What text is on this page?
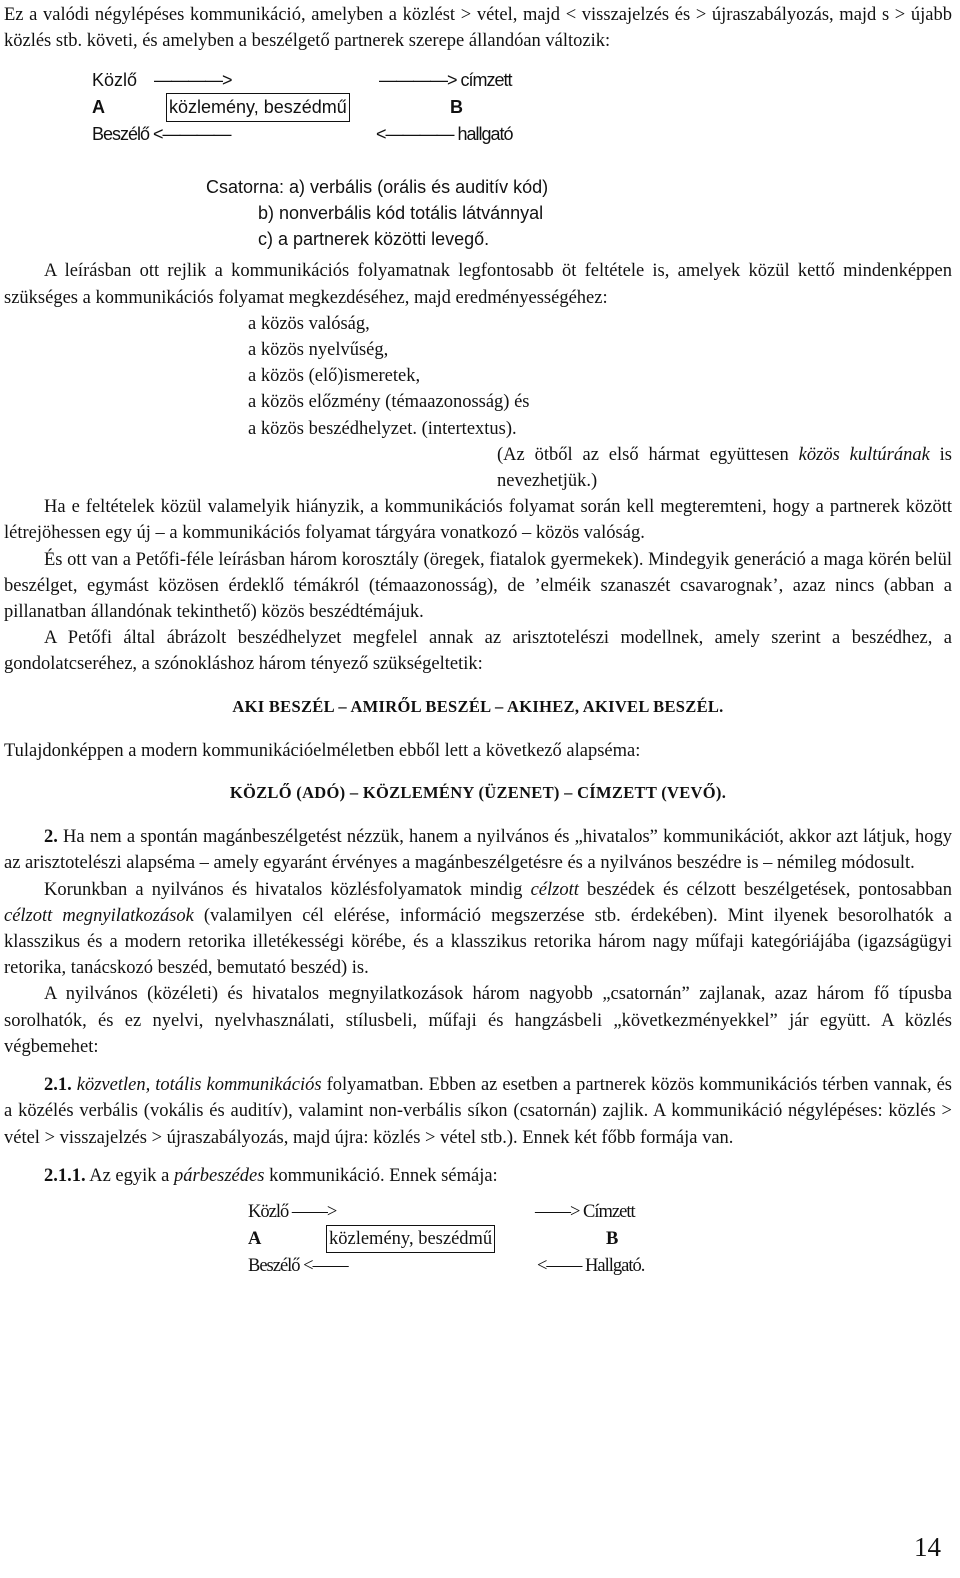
Ez a valódi négylépéses kommunikáció, amelyben a közlést > vétel, majd < visszajelzés és > újraszabályozás, majd s > újabb közlés stb. követi, és amelyben a beszélgető partnerek szerepe állandóan változik:

Közlő ————>	————> címzett
A	közlemény, beszédmű	B
Beszélő <————	<———— hallgató
Csatorna: a) verbális (orális és auditív kód)
b) nonverbális kód totális látvánnyal
c) a partnerek közötti levegő.

A leírásban ott rejlik a kommunikációs folyamatnak legfontosabb öt feltétele is, amelyek közül kettő mindenképpen szükséges a kommunikációs folyamat megkezdéséhez, majd eredményességéhez:

a közös valóság,
a közös nyelvűség,
a közös (elő)ismeretek,
a közös előzmény (témaazonosság) és
a közös beszédhelyzet. (intertextus).

(Az ötből az első hármat együttesen közös kultúrának is nevezhetjük.)

Ha e feltételek közül valamelyik hiányzik, a kommunikációs folyamat során kell megteremteni, hogy a partnerek között létrejöhessen egy új – a kommunikációs folyamat tárgyára vonatkozó – közös valóság.

És ott van a Petőfi-féle leírásban három korosztály (öregek, fiatalok gyermekek). Mindegyik generáció a maga körén belül beszélget, egymást közösen érdeklő témákról (témaazonosság), de ’elméik szanaszét csavarognak’, azaz nincs (abban a pillanatban állandónak tekinthető) közös beszédtémájuk.

A Petőfi által ábrázolt beszédhelyzet megfelel annak az arisztotelészi modellnek, amely szerint a beszédhez, a gondolatcseréhez, a szónokláshoz három tényező szükségeltetik:

AKI BESZÉL – AMIRŐL BESZÉL – AKIHEZ, AKIVEL BESZÉL.

Tulajdonképpen a modern kommunikációelméletben ebből lett a következő alapséma:

KÖZLŐ (ADÓ) – KÖZLEMÉNY (ÜZENET) – CÍMZETT (VEVŐ).

2. Ha nem a spontán magánbeszélgetést nézzük, hanem a nyilvános és „hivatalos” kommunikációt, akkor azt látjuk, hogy az arisztotelészi alapséma – amely egyaránt érvényes a magánbeszélgetésre és a nyilvános beszédre is – némileg módosult.

Korunkban a nyilvános és hivatalos közlésfolyamatok mindig célzott beszédek és célzott beszélgetések, pontosabban célzott megnyilatkozások (valamilyen cél elérése, információ megszerzése stb. érdekében). Mint ilyenek besorolhatók a klasszikus és a modern retorika illetékességi körébe, és a klasszikus retorika három nagy műfaji kategóriájába (igazságügyi retorika, tanácskozó beszéd, bemutató beszéd) is.

A nyilvános (közéleti) és hivatalos megnyilatkozások három nagyobb „csatornán” zajlanak, azaz három fő típusba sorolhatók, és ez nyelvi, nyelvhasználati, stílusbeli, műfaji és hangzásbeli „következményekkel” jár együtt. A közlés végbemehet:

2.1. közvetlen, totális kommunikációs folyamatban. Ebben az esetben a partnerek közös kommunikációs térben vannak, és a közélés verbális (vokális és auditív), valamint non-verbális síkon (csatornán) zajlik. A kommunikáció négylépéses: közlés > vétel > visszajelzés > újraszabályozás, majd újra: közlés > vétel stb.). Ennek két főbb formája van.

2.1.1. Az egyik a párbeszédes kommunikáció. Ennek sémája:

Közlő ——>	——> Címzett
A	közlemény, beszédmű	B
Beszélő <——	<—— Hallgató.
14
